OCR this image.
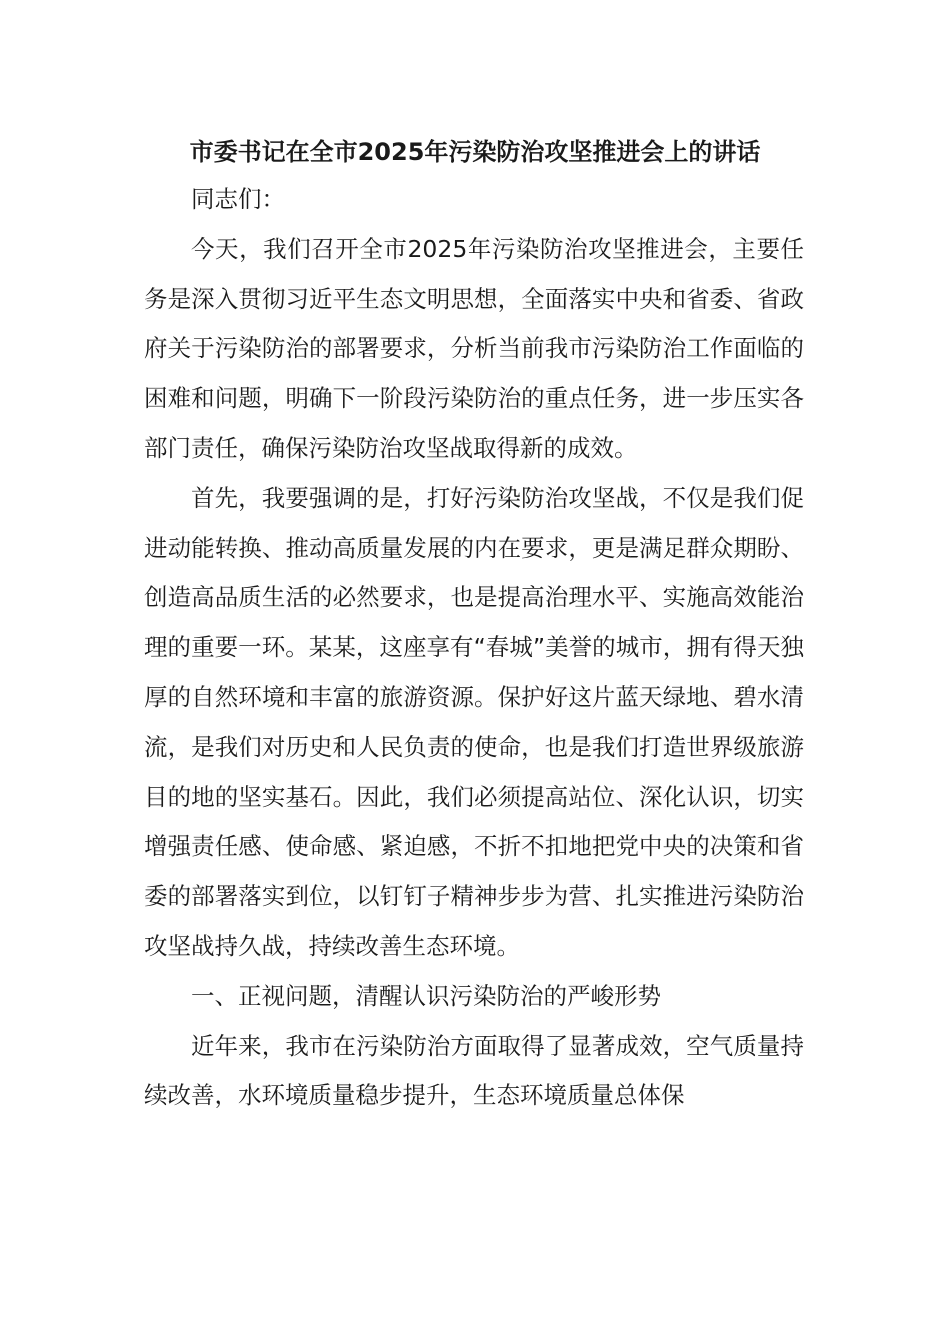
市委书记在全市2025年污染防治攻坚推进会上的讲话

同志们：

今天，我们召开全市2025年污染防治攻坚推进会，主要任务是深入贯彻习近平生态文明思想，全面落实中央和省委、省政府关于污染防治的部署要求，分析当前我市污染防治工作面临的困难和问题，明确下一阶段污染防治的重点任务，进一步压实各部门责任，确保污染防治攻坚战取得新的成效。

首先，我要强调的是，打好污染防治攻坚战，不仅是我们促进动能转换、推动高质量发展的内在要求，更是满足群众期盼、创造高品质生活的必然要求，也是提高治理水平、实施高效能治理的重要一环。某某，这座享有“春城”美誉的城市，拥有得天独厚的自然环境和丰富的旅游资源。保护好这片蓝天绿地、碧水清流，是我们对历史和人民负责的使命，也是我们打造世界级旅游目的地的坚实基石。因此，我们必须提高站位、深化认识，切实增强责任感、使命感、紧迫感，不折不扣地把党中央的决策和省委的部署落实到位，以钉钉子精神步步为营、扎实推进污染防治攻坚战持久战，持续改善生态环境。

一、正视问题，清醒认识污染防治的严峻形势

近年来，我市在污染防治方面取得了显著成效，空气质量持续改善，水环境质量稳步提升，生态环境质量总体保
